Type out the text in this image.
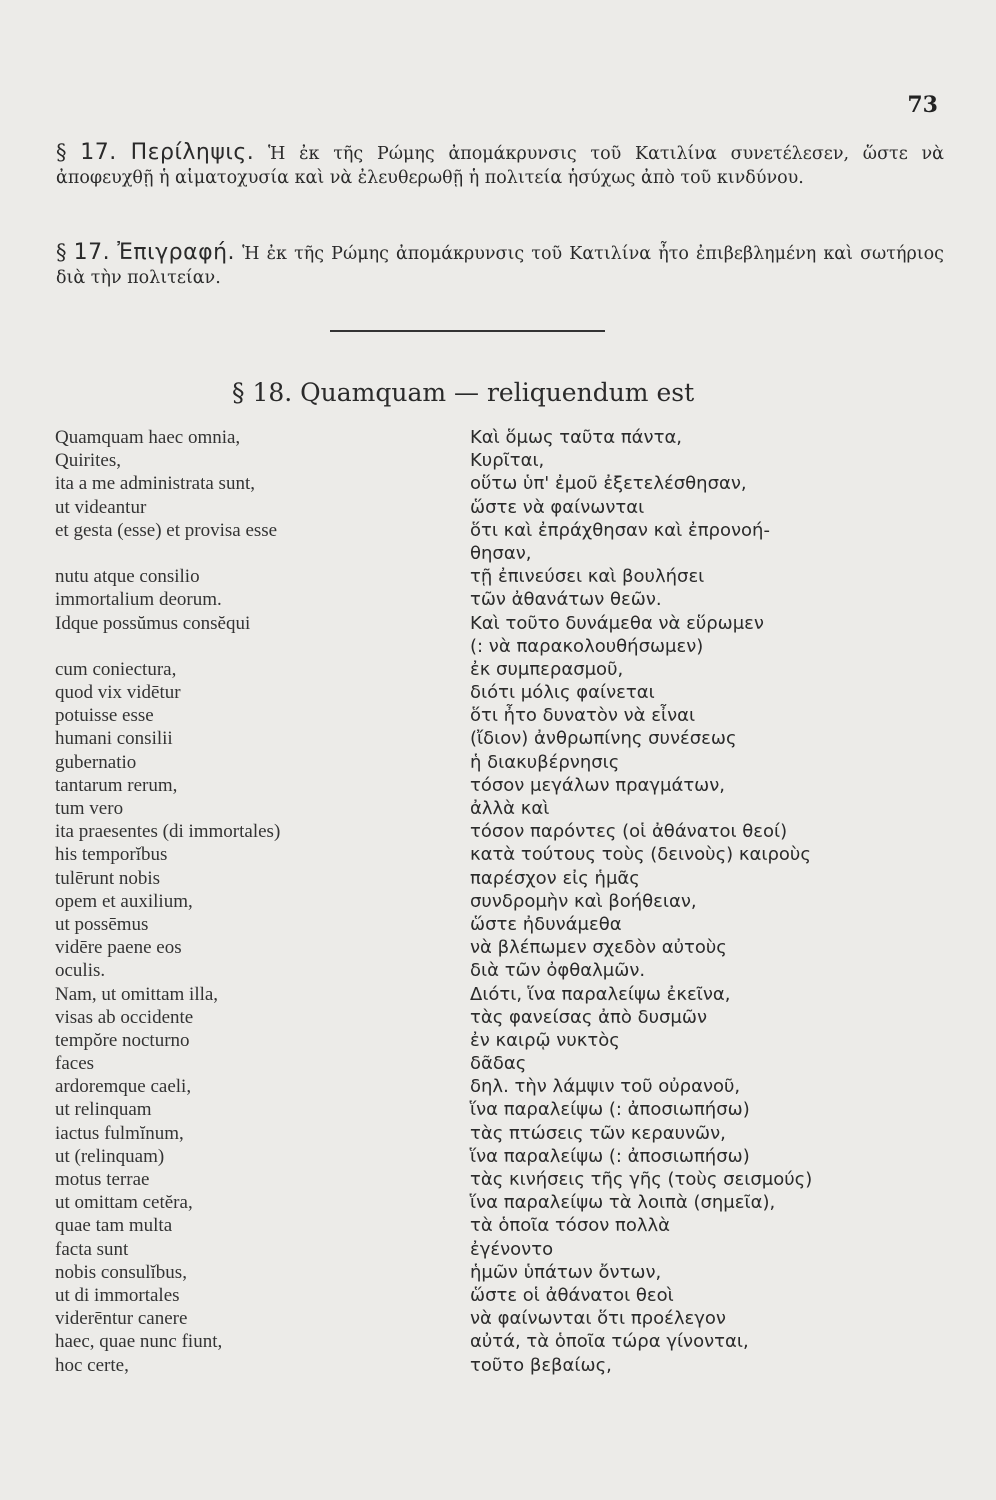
73
§ 17. Περίληψις. Ἡ ἐκ τῆς Ρώμης ἀπομάκρυνσις τοῦ Κατιλίνα συνετέλεσεν, ὥστε νὰ ἀποφευχθῇ ἡ αἱματοχυσία καὶ νὰ ἐλευθερωθῇ ἡ πολιτεία ἡσύχως ἀπὸ τοῦ κινδύνου.
§ 17. Ἐπιγραφή. Ἡ ἐκ τῆς Ρώμης ἀπομάκρυνσις τοῦ Κατιλίνα ἦτο ἐπιβεβλημένη καὶ σωτήριος διὰ τὴν πολιτείαν.
§ 18. Quamquam — reliquendum est
Quamquam haec omnia,
Quirites,
ita a me administrata sunt,
ut videantur
et gesta (esse) et provisa esse
nutu atque consilio
immortalium deorum.
Idque possŭmus consĕqui
cum coniectura,
quod vix vidētur
potuisse esse
humani consilii
gubernatio
tantarum rerum,
tum vero
ita praesentes (di immortales)
his temporĭbus
tulērunt nobis
opem et auxilium,
ut possēmus
vidēre paene eos
oculis.
Nam, ut omittam illa,
visas ab occidente
tempŏre nocturno
faces
ardoremque caeli,
ut relinquam
iactus fulmĭnum,
ut (relinquam)
motus terrae
ut omittam cetĕra,
quae tam multa
facta sunt
nobis consulĭbus,
ut di immortales
viderēntur canere
haec, quae nunc fiunt,
hoc certe,
Καὶ ὅμως ταῦτα πάντα,
Κυρῖται,
οὕτω ὑπ' ἐμοῦ ἐξετελέσθησαν,
ὥστε νὰ φαίνωνται
ὅτι καὶ ἐπράχθησαν καὶ ἐπρονοή-
θησαν,
τῇ ἐπινεύσει καὶ βουλήσει
τῶν ἀθανάτων θεῶν.
Καὶ τοῦτο δυνάμεθα νὰ εὕρωμεν
(: νὰ παρακολουθήσωμεν)
ἐκ συμπερασμοῦ,
διότι μόλις φαίνεται
ὅτι ἦτο δυνατὸν νὰ εἶναι
(ἴδιον) ἀνθρωπίνης συνέσεως
ἡ διακυβέρνησις
τόσον μεγάλων πραγμάτων,
ἀλλὰ καὶ
τόσον παρόντες (οἱ ἀθάνατοι θεοί)
κατὰ τούτους τοὺς (δεινοὺς) καιροὺς
παρέσχον εἰς ἡμᾶς
συνδρομὴν καὶ βοήθειαν,
ὥστε ἠδυνάμεθα
νὰ βλέπωμεν σχεδὸν αὐτοὺς
διὰ τῶν ὀφθαλμῶν.
Διότι, ἵνα παραλείψω ἐκεῖνα,
τὰς φανείσας ἀπὸ δυσμῶν
ἐν καιρῷ νυκτὸς
δᾶδας
δηλ. τὴν λάμψιν τοῦ οὐρανοῦ,
ἵνα παραλείψω (: ἀποσιωπήσω)
τὰς πτώσεις τῶν κεραυνῶν,
ἵνα παραλείψω (: ἀποσιωπήσω)
τὰς κινήσεις τῆς γῆς (τοὺς σεισμούς)
ἵνα παραλείψω τὰ λοιπὰ (σημεῖα),
τὰ ὁποῖα τόσον πολλὰ
ἐγένοντο
ἡμῶν ὑπάτων ὄντων,
ὥστε οἱ ἀθάνατοι θεοὶ
νὰ φαίνωνται ὅτι προέλεγον
αὐτά, τὰ ὁποῖα τώρα γίνονται,
τοῦτο βεβαίως,
